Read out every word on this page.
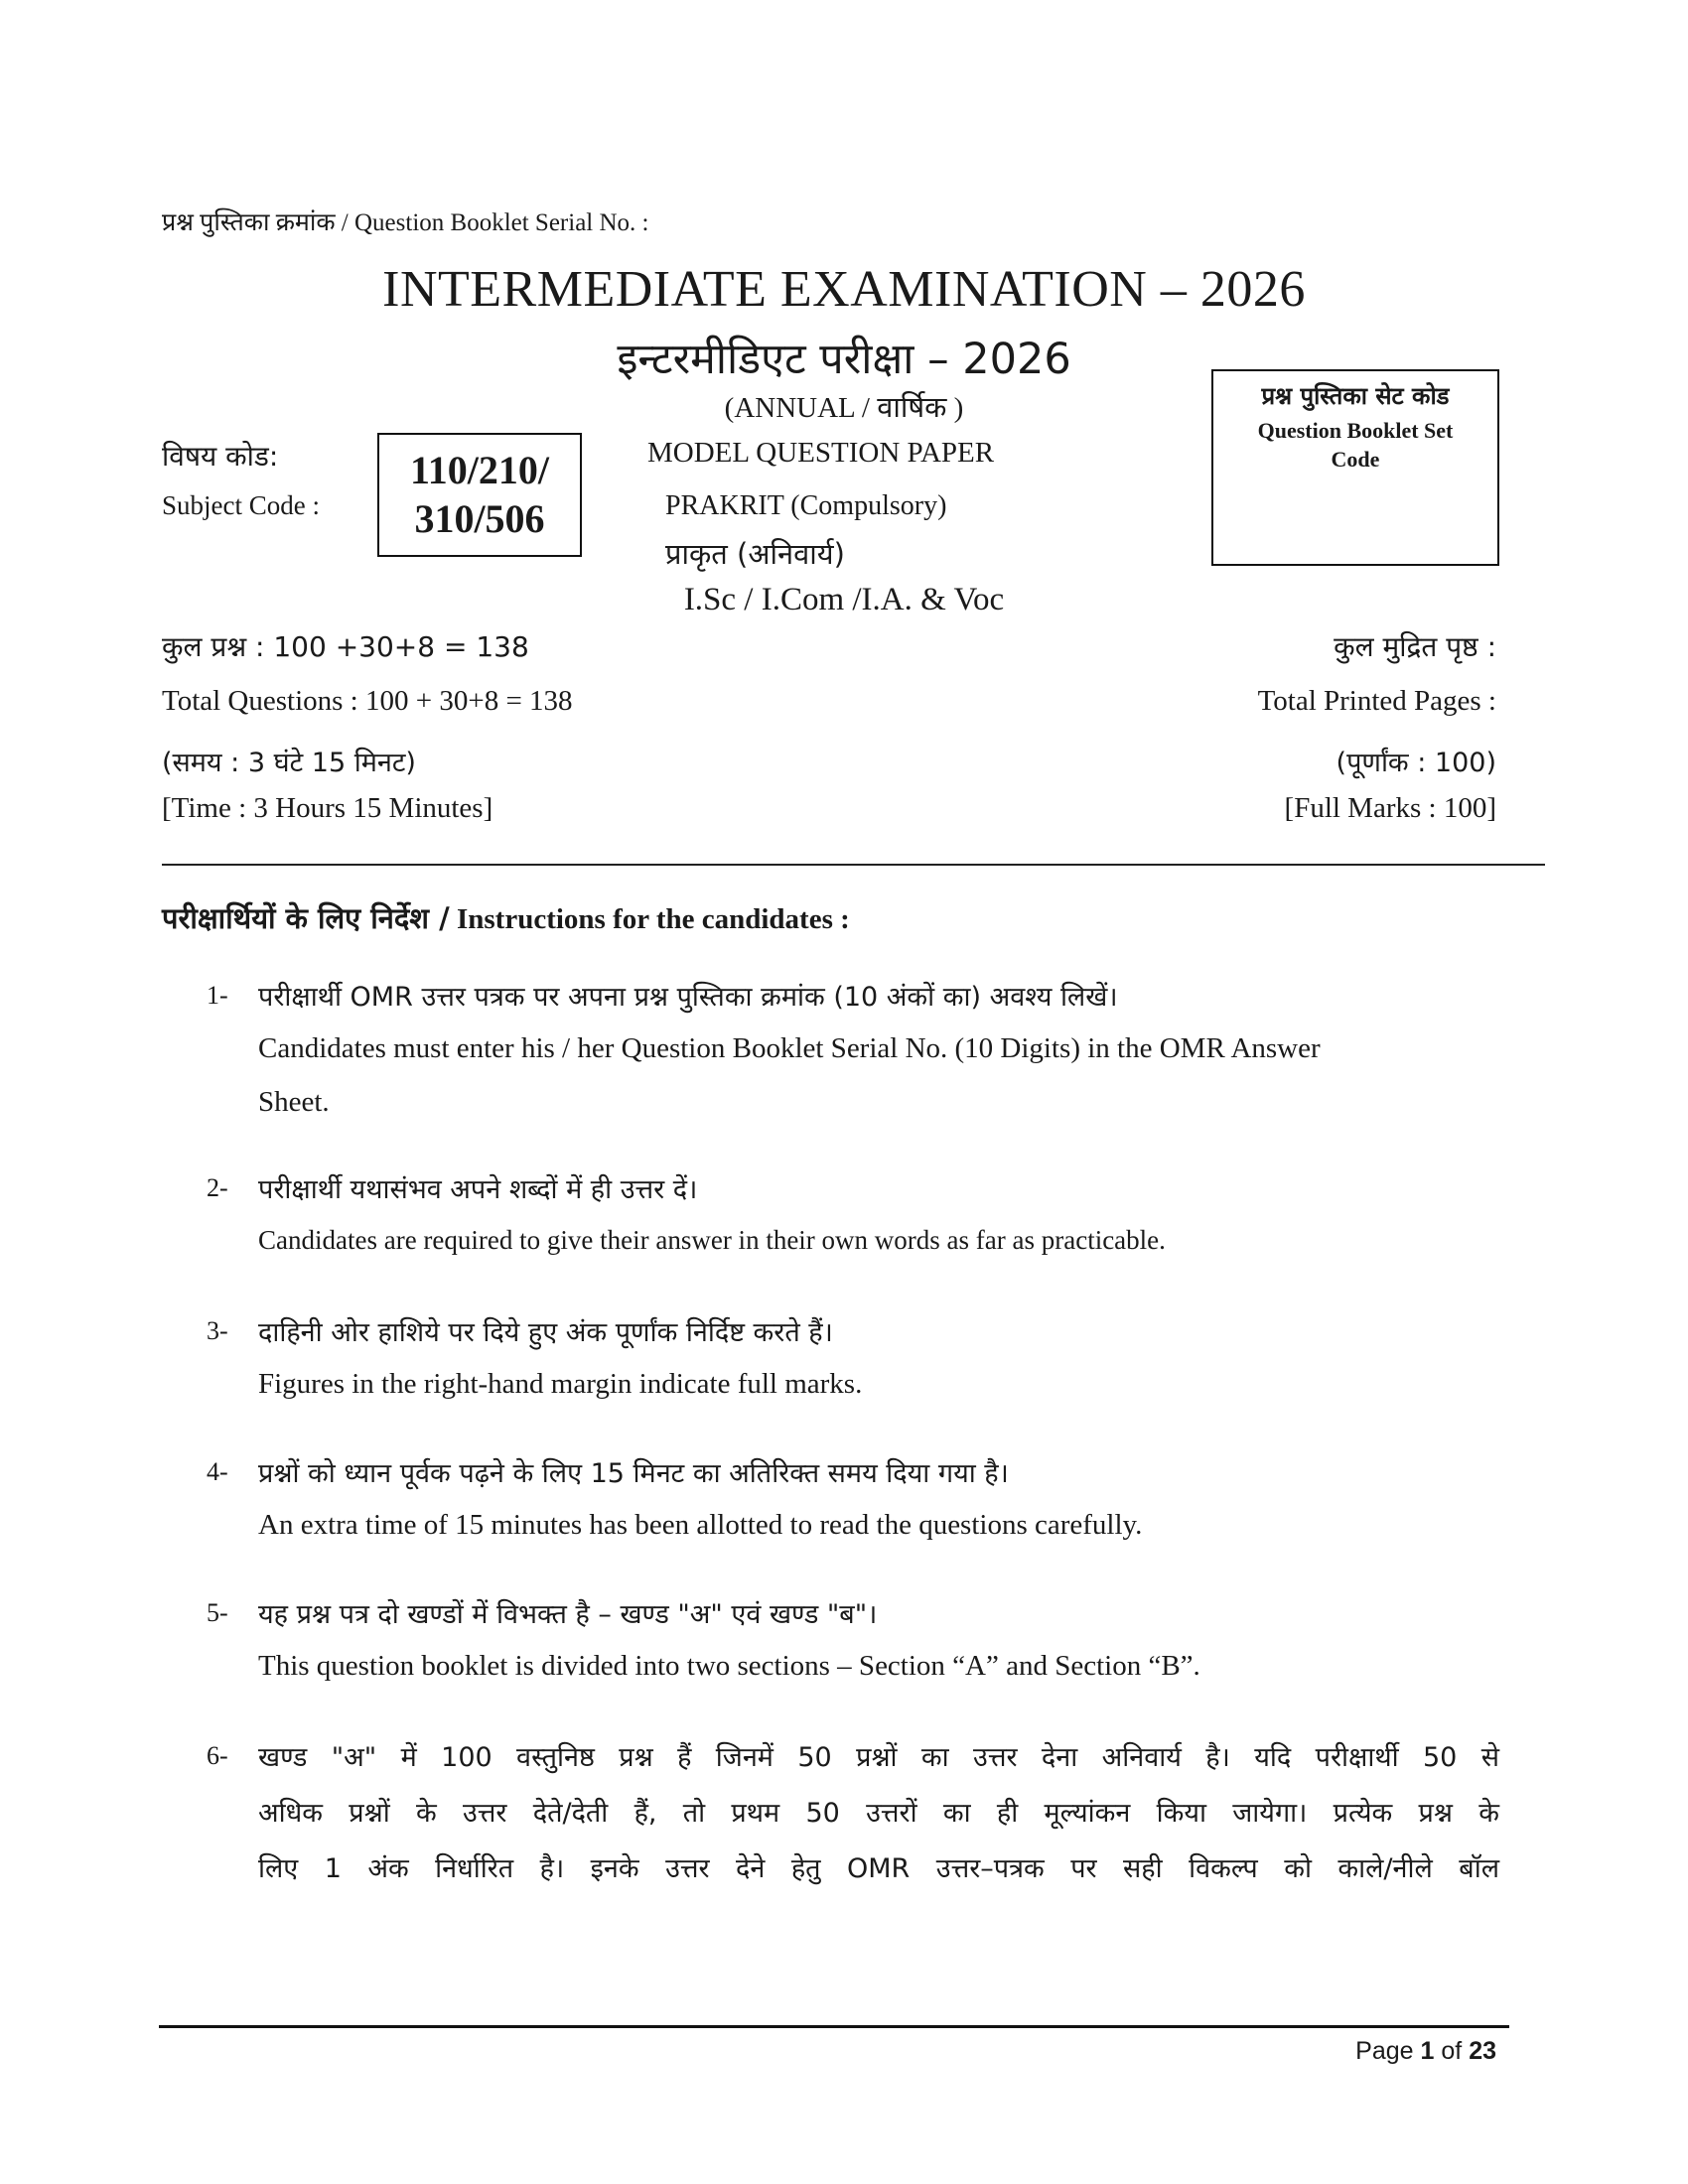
प्रश्न पुस्तिका क्रमांक / Question Booklet Serial No. :
INTERMEDIATE EXAMINATION – 2026
इन्टरमीडिएट परीक्षा – 2026
(ANNUAL / वार्षिक )
विषय कोड:
Subject Code :
110/210/
310/506
MODEL QUESTION PAPER
PRAKRIT (Compulsory)
प्राकृत (अनिवार्य)
I.Sc / I.Com /I.A. & Voc
प्रश्न पुस्तिका सेट कोड
Question Booklet Set Code
कुल प्रश्न : 100 +30+8 = 138
Total Questions : 100 + 30+8 = 138
(समय : 3 घंटे 15 मिनट)
[Time : 3 Hours 15 Minutes]
कुल मुद्रित पृष्ठ :
Total Printed Pages :
(पूर्णांक : 100)
[Full Marks : 100]
परीक्षार्थियों के लिए निर्देश / Instructions for the candidates :
1- परीक्षार्थी OMR उत्तर पत्रक पर अपना प्रश्न पुस्तिका क्रमांक (10 अंकों का) अवश्य लिखें।
Candidates must enter his / her Question Booklet Serial No. (10 Digits) in the OMR Answer
Sheet.
2- परीक्षार्थी यथासंभव अपने शब्दों में ही उत्तर दें।
Candidates are required to give their answer in their own words as far as practicable.
3- दाहिनी ओर हाशिये पर दिये हुए अंक पूर्णांक निर्दिष्ट करते हैं।
Figures in the right-hand margin indicate full marks.
4- प्रश्नों को ध्यान पूर्वक पढ़ने के लिए 15 मिनट का अतिरिक्त समय दिया गया है।
An extra time of 15 minutes has been allotted to read the questions carefully.
5- यह प्रश्न पत्र दो खण्डों में विभक्त है – खण्ड "अ" एवं खण्ड "ब"।
This question booklet is divided into two sections – Section “A” and Section “B”.
6- खण्ड "अ" में 100 वस्तुनिष्ठ प्रश्न हैं जिनमें 50 प्रश्नों का उत्तर देना अनिवार्य है। यदि परीक्षार्थी 50 से
अधिक प्रश्नों के उत्तर देते/देती हैं, तो प्रथम 50 उत्तरों का ही मूल्यांकन किया जायेगा। प्रत्येक प्रश्न के
लिए 1 अंक निर्धारित है। इनके उत्तर देने हेतु OMR उत्तर–पत्रक पर सही विकल्प को काले/नीले बॉल
Page 1 of 23
